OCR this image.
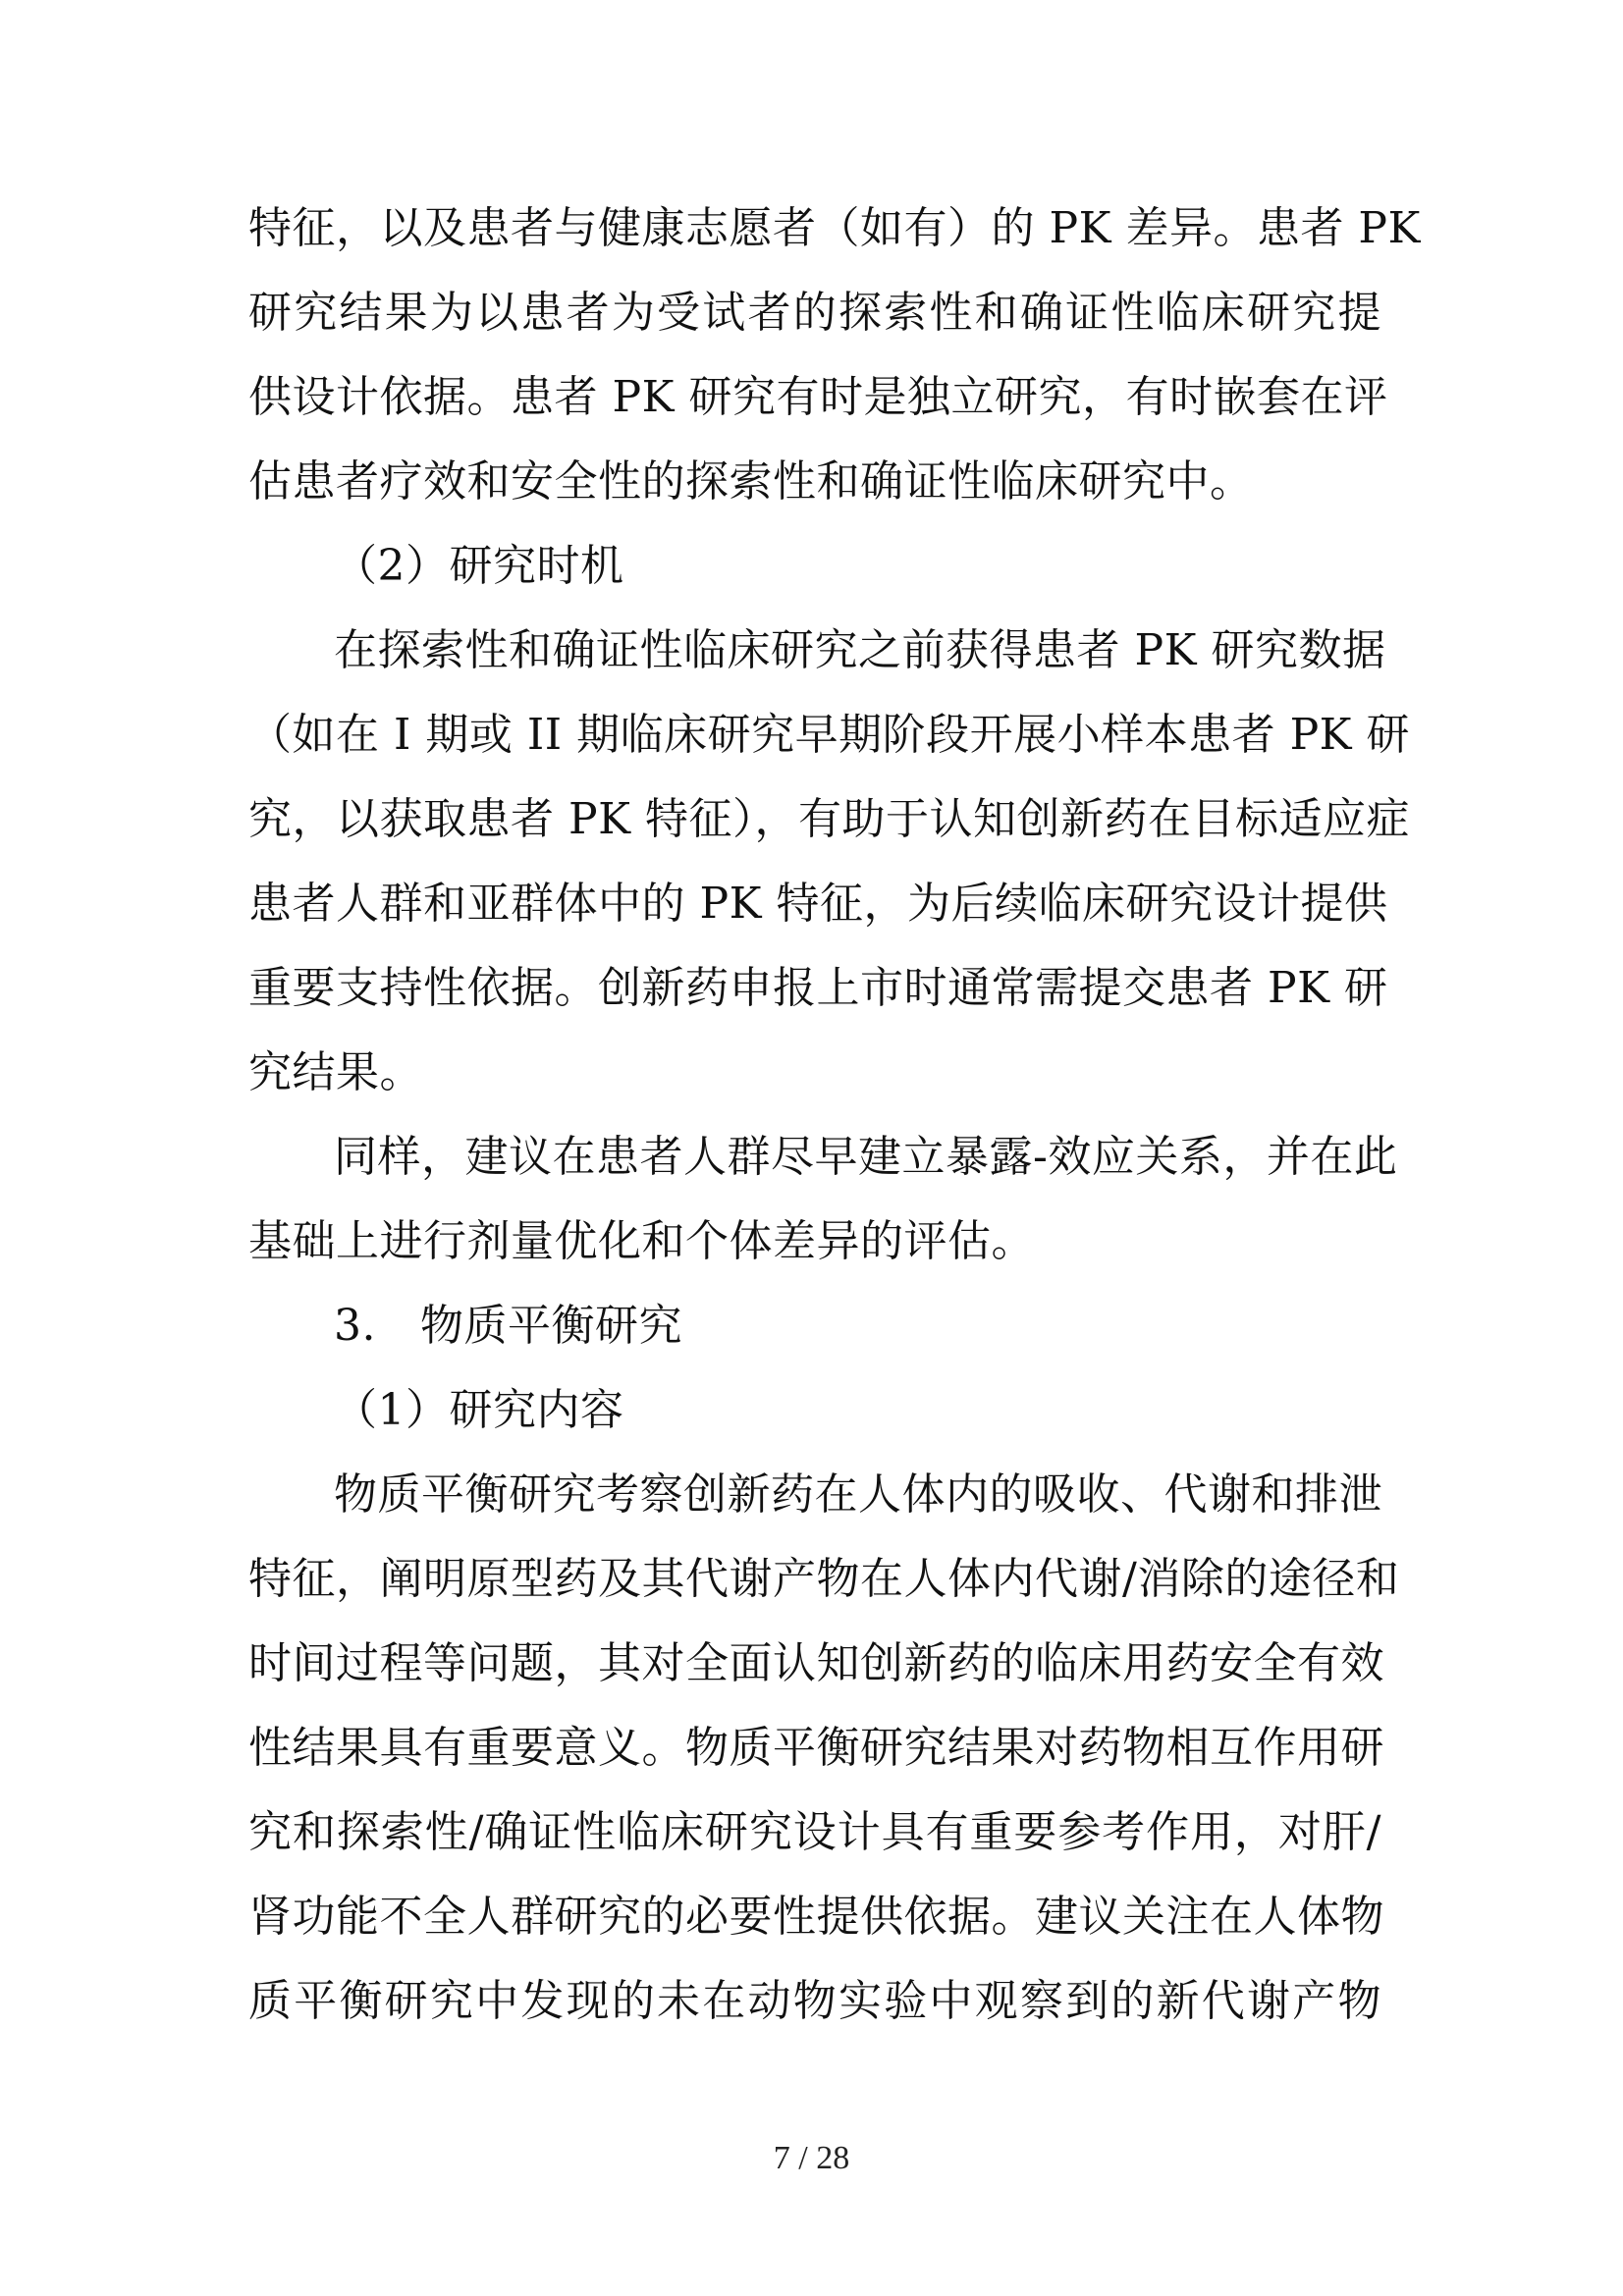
特征，以及患者与健康志愿者（如有）的 PK 差异。患者 PK
研究结果为以患者为受试者的探索性和确证性临床研究提
供设计依据。患者 PK 研究有时是独立研究，有时嵌套在评
估患者疗效和安全性的探索性和确证性临床研究中。
（2）研究时机
在探索性和确证性临床研究之前获得患者 PK 研究数据
（如在 I 期或 II 期临床研究早期阶段开展小样本患者 PK 研
究，以获取患者 PK 特征），有助于认知创新药在目标适应症
患者人群和亚群体中的 PK 特征，为后续临床研究设计提供
重要支持性依据。创新药申报上市时通常需提交患者 PK 研
究结果。
同样，建议在患者人群尽早建立暴露-效应关系，并在此
基础上进行剂量优化和个体差异的评估。
3. 物质平衡研究
（1）研究内容
物质平衡研究考察创新药在人体内的吸收、代谢和排泄
特征，阐明原型药及其代谢产物在人体内代谢/消除的途径和
时间过程等问题，其对全面认知创新药的临床用药安全有效
性结果具有重要意义。物质平衡研究结果对药物相互作用研
究和探索性/确证性临床研究设计具有重要参考作用，对肝/
肾功能不全人群研究的必要性提供依据。建议关注在人体物
质平衡研究中发现的未在动物实验中观察到的新代谢产物
7 / 28
